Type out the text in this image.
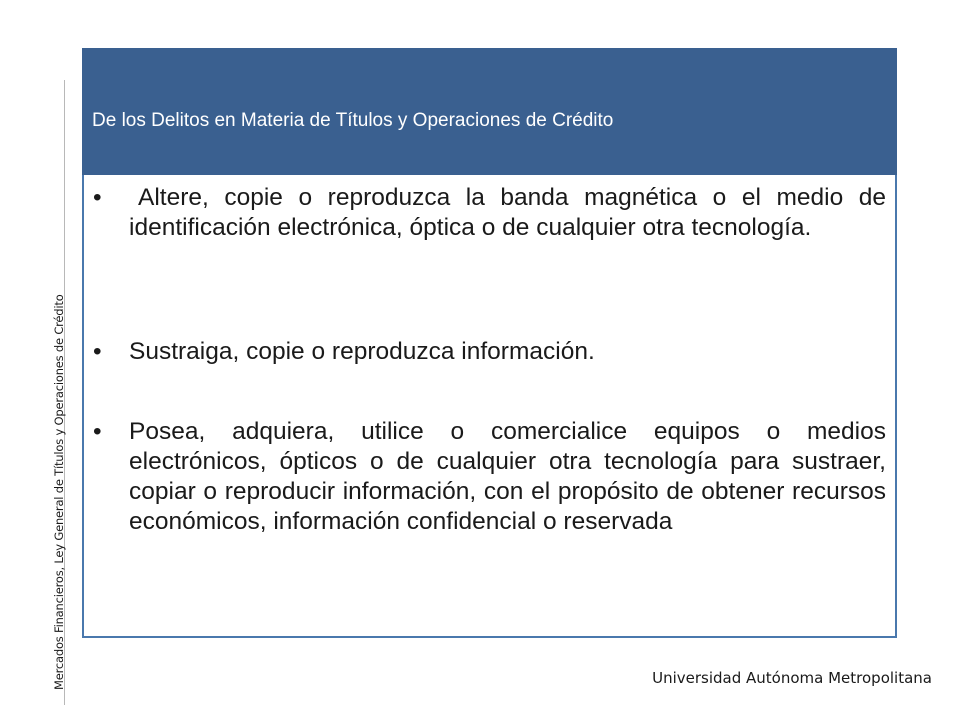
Mercados Financieros, Ley General de Títulos y Operaciones de Crédito
De los Delitos en Materia de Títulos y Operaciones de Crédito
•	Altere, copie o reproduzca la banda magnética o el medio de identificación electrónica, óptica o de cualquier otra tecnología.
• Sustraiga, copie o reproduzca información.
• Posea, adquiera, utilice o comercialice equipos o medios electrónicos, ópticos o de cualquier otra tecnología para sustraer, copiar o reproducir información, con el propósito de obtener recursos económicos, información confidencial o reservada
Universidad Autónoma Metropolitana
